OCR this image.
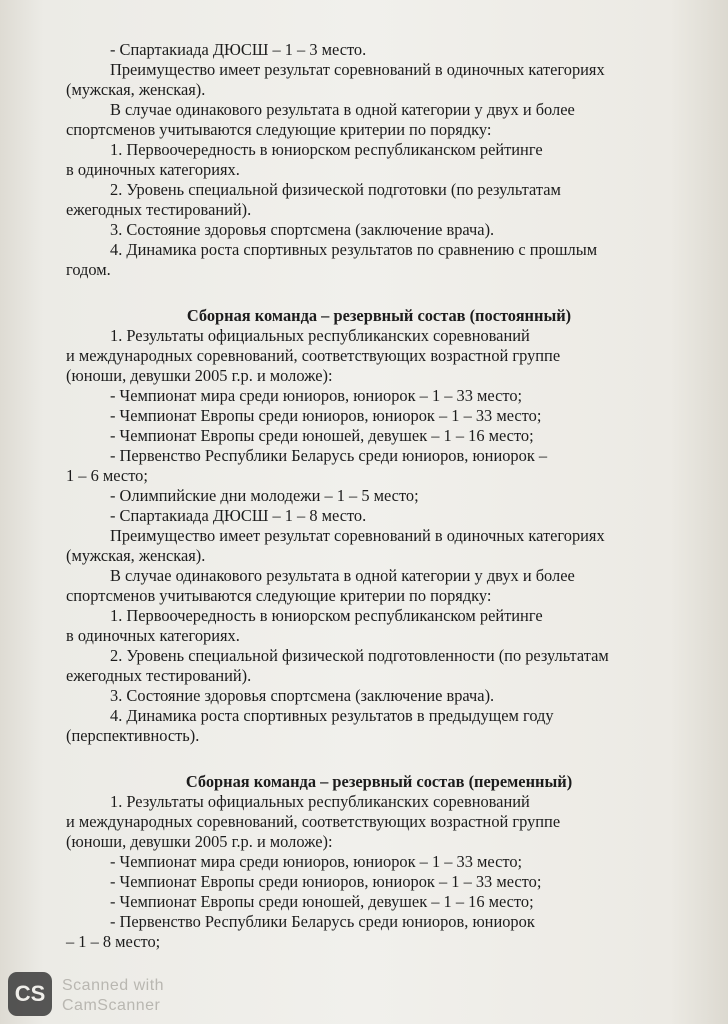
- Спартакиада ДЮСШ – 1 – 3 место.
Преимущество имеет результат соревнований в одиночных категориях
(мужская, женская).
В случае одинакового результата в одной категории у двух и более
спортсменов учитываются следующие критерии по порядку:
1. Первоочередность в юниорском республиканском рейтинге
в одиночных категориях.
2. Уровень специальной физической подготовки (по результатам
ежегодных тестирований).
3. Состояние здоровья спортсмена (заключение врача).
4. Динамика роста спортивных результатов по сравнению с прошлым
годом.
Сборная команда – резервный состав (постоянный)
1. Результаты официальных республиканских соревнований
и международных соревнований, соответствующих возрастной группе
(юноши, девушки 2005 г.р. и моложе):
- Чемпионат мира среди юниоров, юниорок – 1 – 33 место;
- Чемпионат Европы среди юниоров, юниорок – 1 – 33 место;
- Чемпионат Европы среди юношей, девушек – 1 – 16 место;
- Первенство Республики Беларусь среди юниоров, юниорок –
1 – 6 место;
- Олимпийские дни молодежи – 1 – 5 место;
- Спартакиада ДЮСШ – 1 – 8 место.
Преимущество имеет результат соревнований в одиночных категориях
(мужская, женская).
В случае одинакового результата в одной категории у двух и более
спортсменов учитываются следующие критерии по порядку:
1. Первоочередность в юниорском республиканском рейтинге
в одиночных категориях.
2. Уровень специальной физической подготовленности (по результатам
ежегодных тестирований).
3. Состояние здоровья спортсмена (заключение врача).
4. Динамика роста спортивных результатов в предыдущем году
(перспективность).
Сборная команда – резервный состав (переменный)
1. Результаты официальных республиканских соревнований
и международных соревнований, соответствующих возрастной группе
(юноши, девушки 2005 г.р. и моложе):
- Чемпионат мира среди юниоров, юниорок – 1 – 33 место;
- Чемпионат Европы среди юниоров, юниорок – 1 – 33 место;
- Чемпионат Европы среди юношей, девушек – 1 – 16 место;
- Первенство Республики Беларусь среди юниоров, юниорок
– 1 – 8 место;
CS	Scanned with
CamScanner
